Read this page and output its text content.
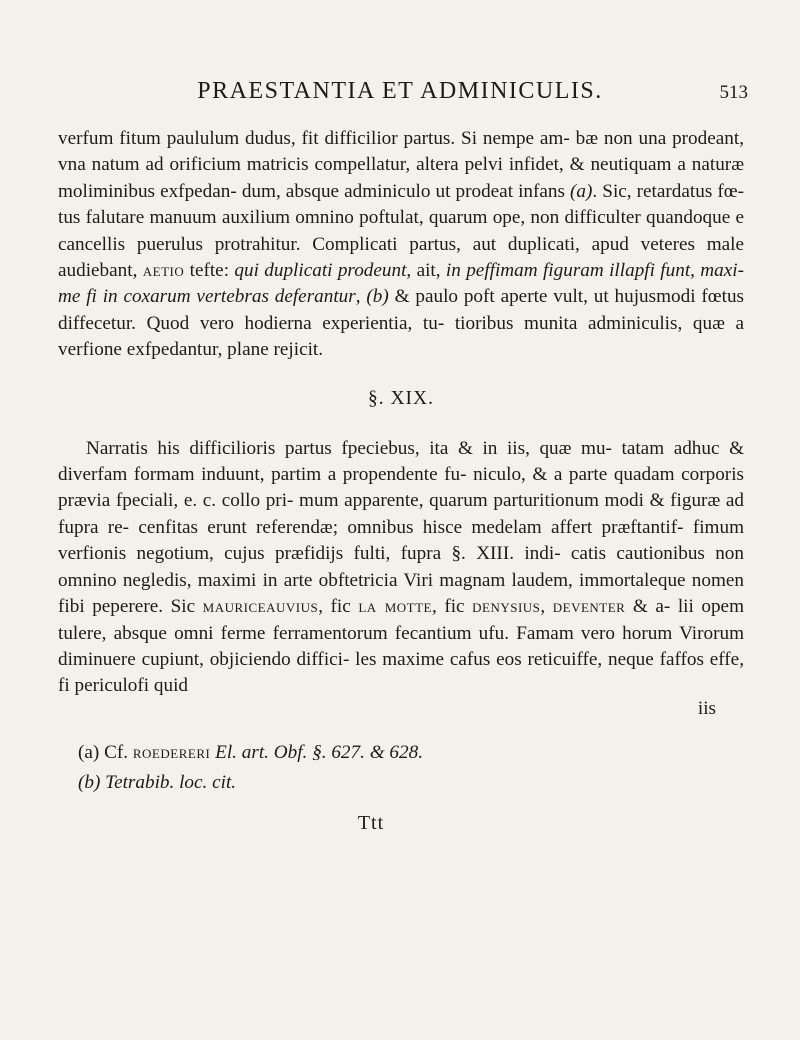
PRAESTANTIA ET ADMINICULIS.	513

verfum fitum paululum dudus, fit difficilior partus. Si nempe am- bæ non una prodeant, vna natum ad orificium matricis compellatur, altera pelvi infidet, & neutiquam a naturæ moliminibus exfpedan- dum, absque adminiculo ut prodeat infans (a). Sic, retardatus fœ- tus falutare manuum auxilium omnino poftulat, quarum ope, non difficulter quandoque e cancellis puerulus protrahitur. Complicati partus, aut duplicati, apud veteres male audiebant, aetio tefte: qui duplicati prodeunt, ait, in peffimam figuram illapfi funt, maxi- me fi in coxarum vertebras deferantur, (b) & paulo poft aperte vult, ut hujusmodi fœtus diffecetur. Quod vero hodierna experientia, tu- tioribus munita adminiculis, quæ a verfione exfpedantur, plane rejicit.

§. XIX.

Narratis his difficilioris partus fpeciebus, ita & in iis, quæ mu- tatam adhuc & diverfam formam induunt, partim a propendente fu- niculo, & a parte quadam corporis prævia fpeciali, e. c. collo pri- mum apparente, quarum parturitionum modi & figuræ ad fupra re- cenfitas erunt referendæ; omnibus hisce medelam affert præftantif- fimum verfionis negotium, cujus præfidijs fulti, fupra §. XIII. indi- catis cautionibus non omnino negledis, maximi in arte obftetricia Viri magnam laudem, immortaleque nomen fibi peperere. Sic mauriceauvius, fic la motte, fic denysius, deventer & a- lii opem tulere, absque omni ferme ferramentorum fecantium ufu. Famam vero horum Virorum diminuere cupiunt, objiciendo diffici- les maxime cafus eos reticuiffe, neque faffos effe, fi periculofi quid

iis
(a) Cf. roedereri El. art. Obf. §. 627. & 628.
(b) Tetrabib. loc. cit.
Ttt
